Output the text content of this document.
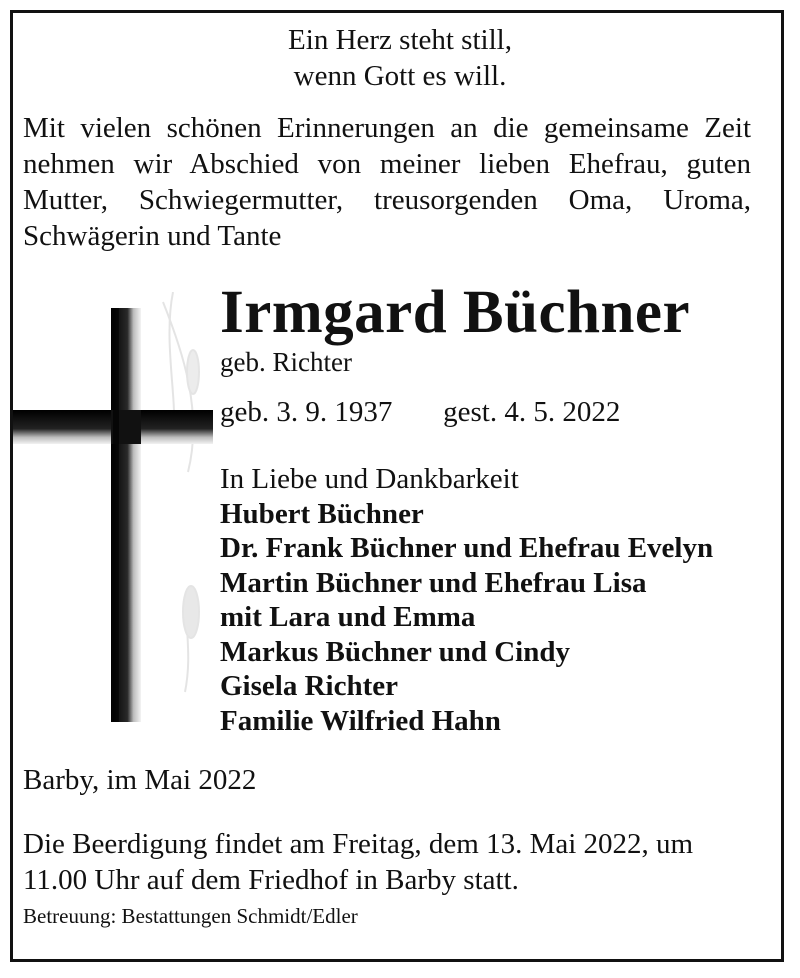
Ein Herz steht still,
wenn Gott es will.
Mit vielen schönen Erinnerungen an die gemeinsame Zeit
nehmen wir Abschied von meiner lieben Ehefrau, guten
Mutter, Schwiegermutter, treusorgenden Oma, Uroma,
Schwägerin und Tante
Irmgard Büchner
geb. Richter
geb. 3. 9. 1937 gest. 4. 5. 2022
In Liebe und Dankbarkeit
Hubert Büchner
Dr. Frank Büchner und Ehefrau Evelyn
Martin Büchner und Ehefrau Lisa
mit Lara und Emma
Markus Büchner und Cindy
Gisela Richter
Familie Wilfried Hahn
Barby, im Mai 2022
Die Beerdigung findet am Freitag, dem 13. Mai 2022, um
11.00 Uhr auf dem Friedhof in Barby statt.
Betreuung: Bestattungen Schmidt/Edler
